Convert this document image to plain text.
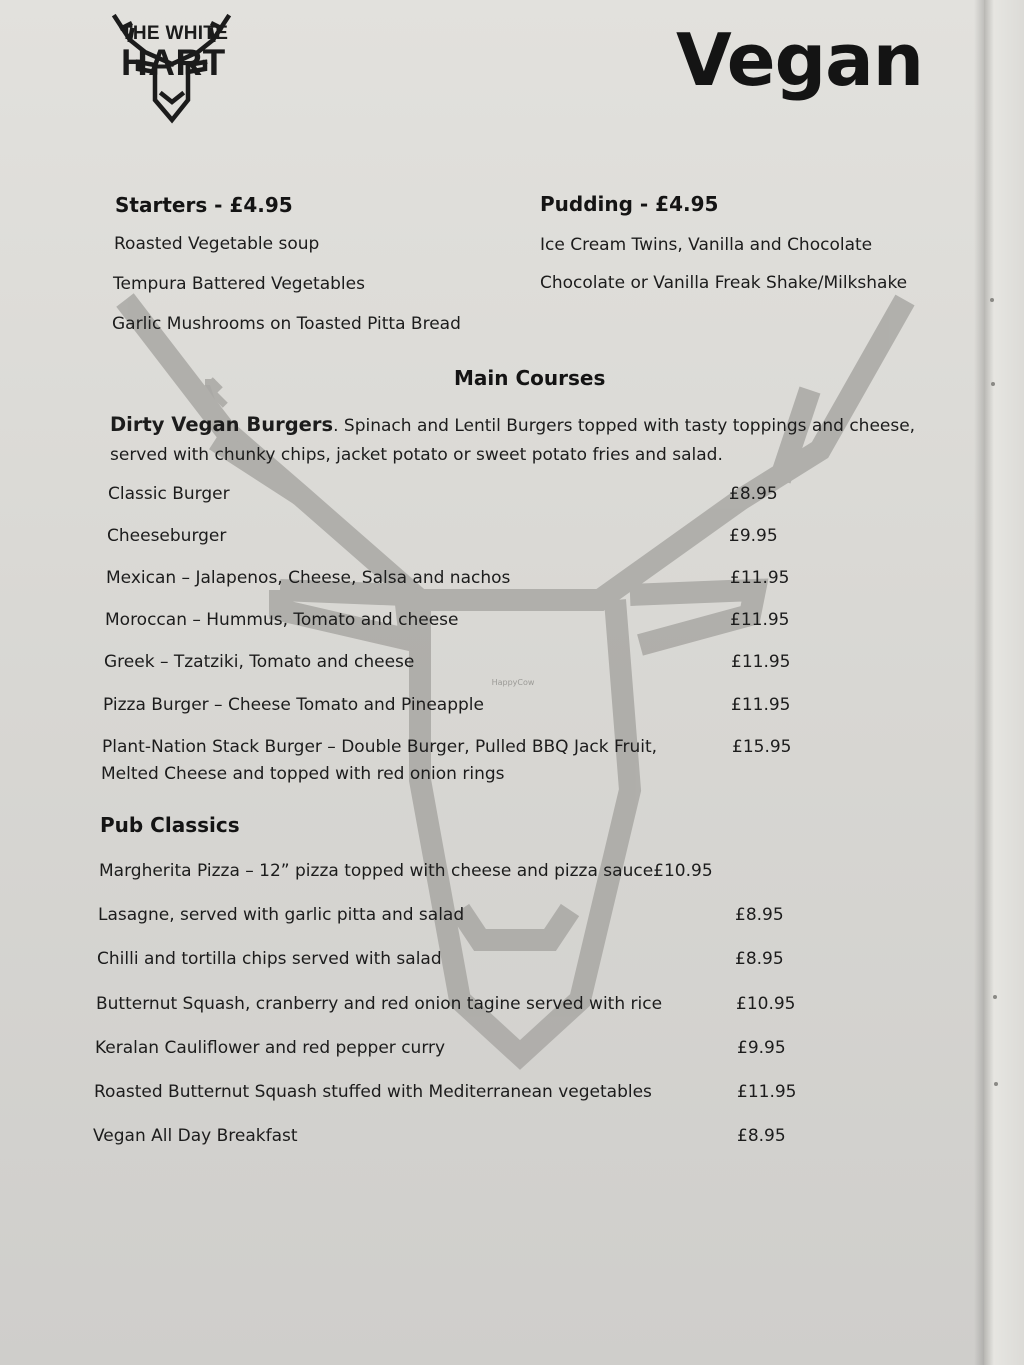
HappyCow
THE WHITE
HART	Vegan
Starters - £4.95
Roasted Vegetable soup
Tempura Battered Vegetables
Garlic Mushrooms on Toasted Pitta Bread
Pudding - £4.95
Ice Cream Twins, Vanilla and Chocolate
Chocolate or Vanilla Freak Shake/Milkshake
Main Courses
Dirty Vegan Burgers. Spinach and Lentil Burgers topped with tasty toppings and cheese, served with chunky chips, jacket potato or sweet potato fries and salad.
Classic Burger	£8.95
Cheeseburger	£9.95
Mexican – Jalapenos, Cheese, Salsa and nachos	£11.95
Moroccan – Hummus, Tomato and cheese	£11.95
Greek – Tzatziki, Tomato and cheese	£11.95
Pizza Burger – Cheese Tomato and Pineapple	£11.95
Plant-Nation Stack Burger – Double Burger, Pulled BBQ Jack Fruit,
Melted Cheese and topped with red onion rings
£15.95
Pub Classics
Margherita Pizza – 12” pizza topped with cheese and pizza sauce£10.95
Lasagne, served with garlic pitta and salad	£8.95
Chilli and tortilla chips served with salad	£8.95
Butternut Squash, cranberry and red onion tagine served with rice	£10.95
Keralan Cauliflower and red pepper curry	£9.95
Roasted Butternut Squash stuffed with Mediterranean vegetables	£11.95
Vegan All Day Breakfast	£8.95
